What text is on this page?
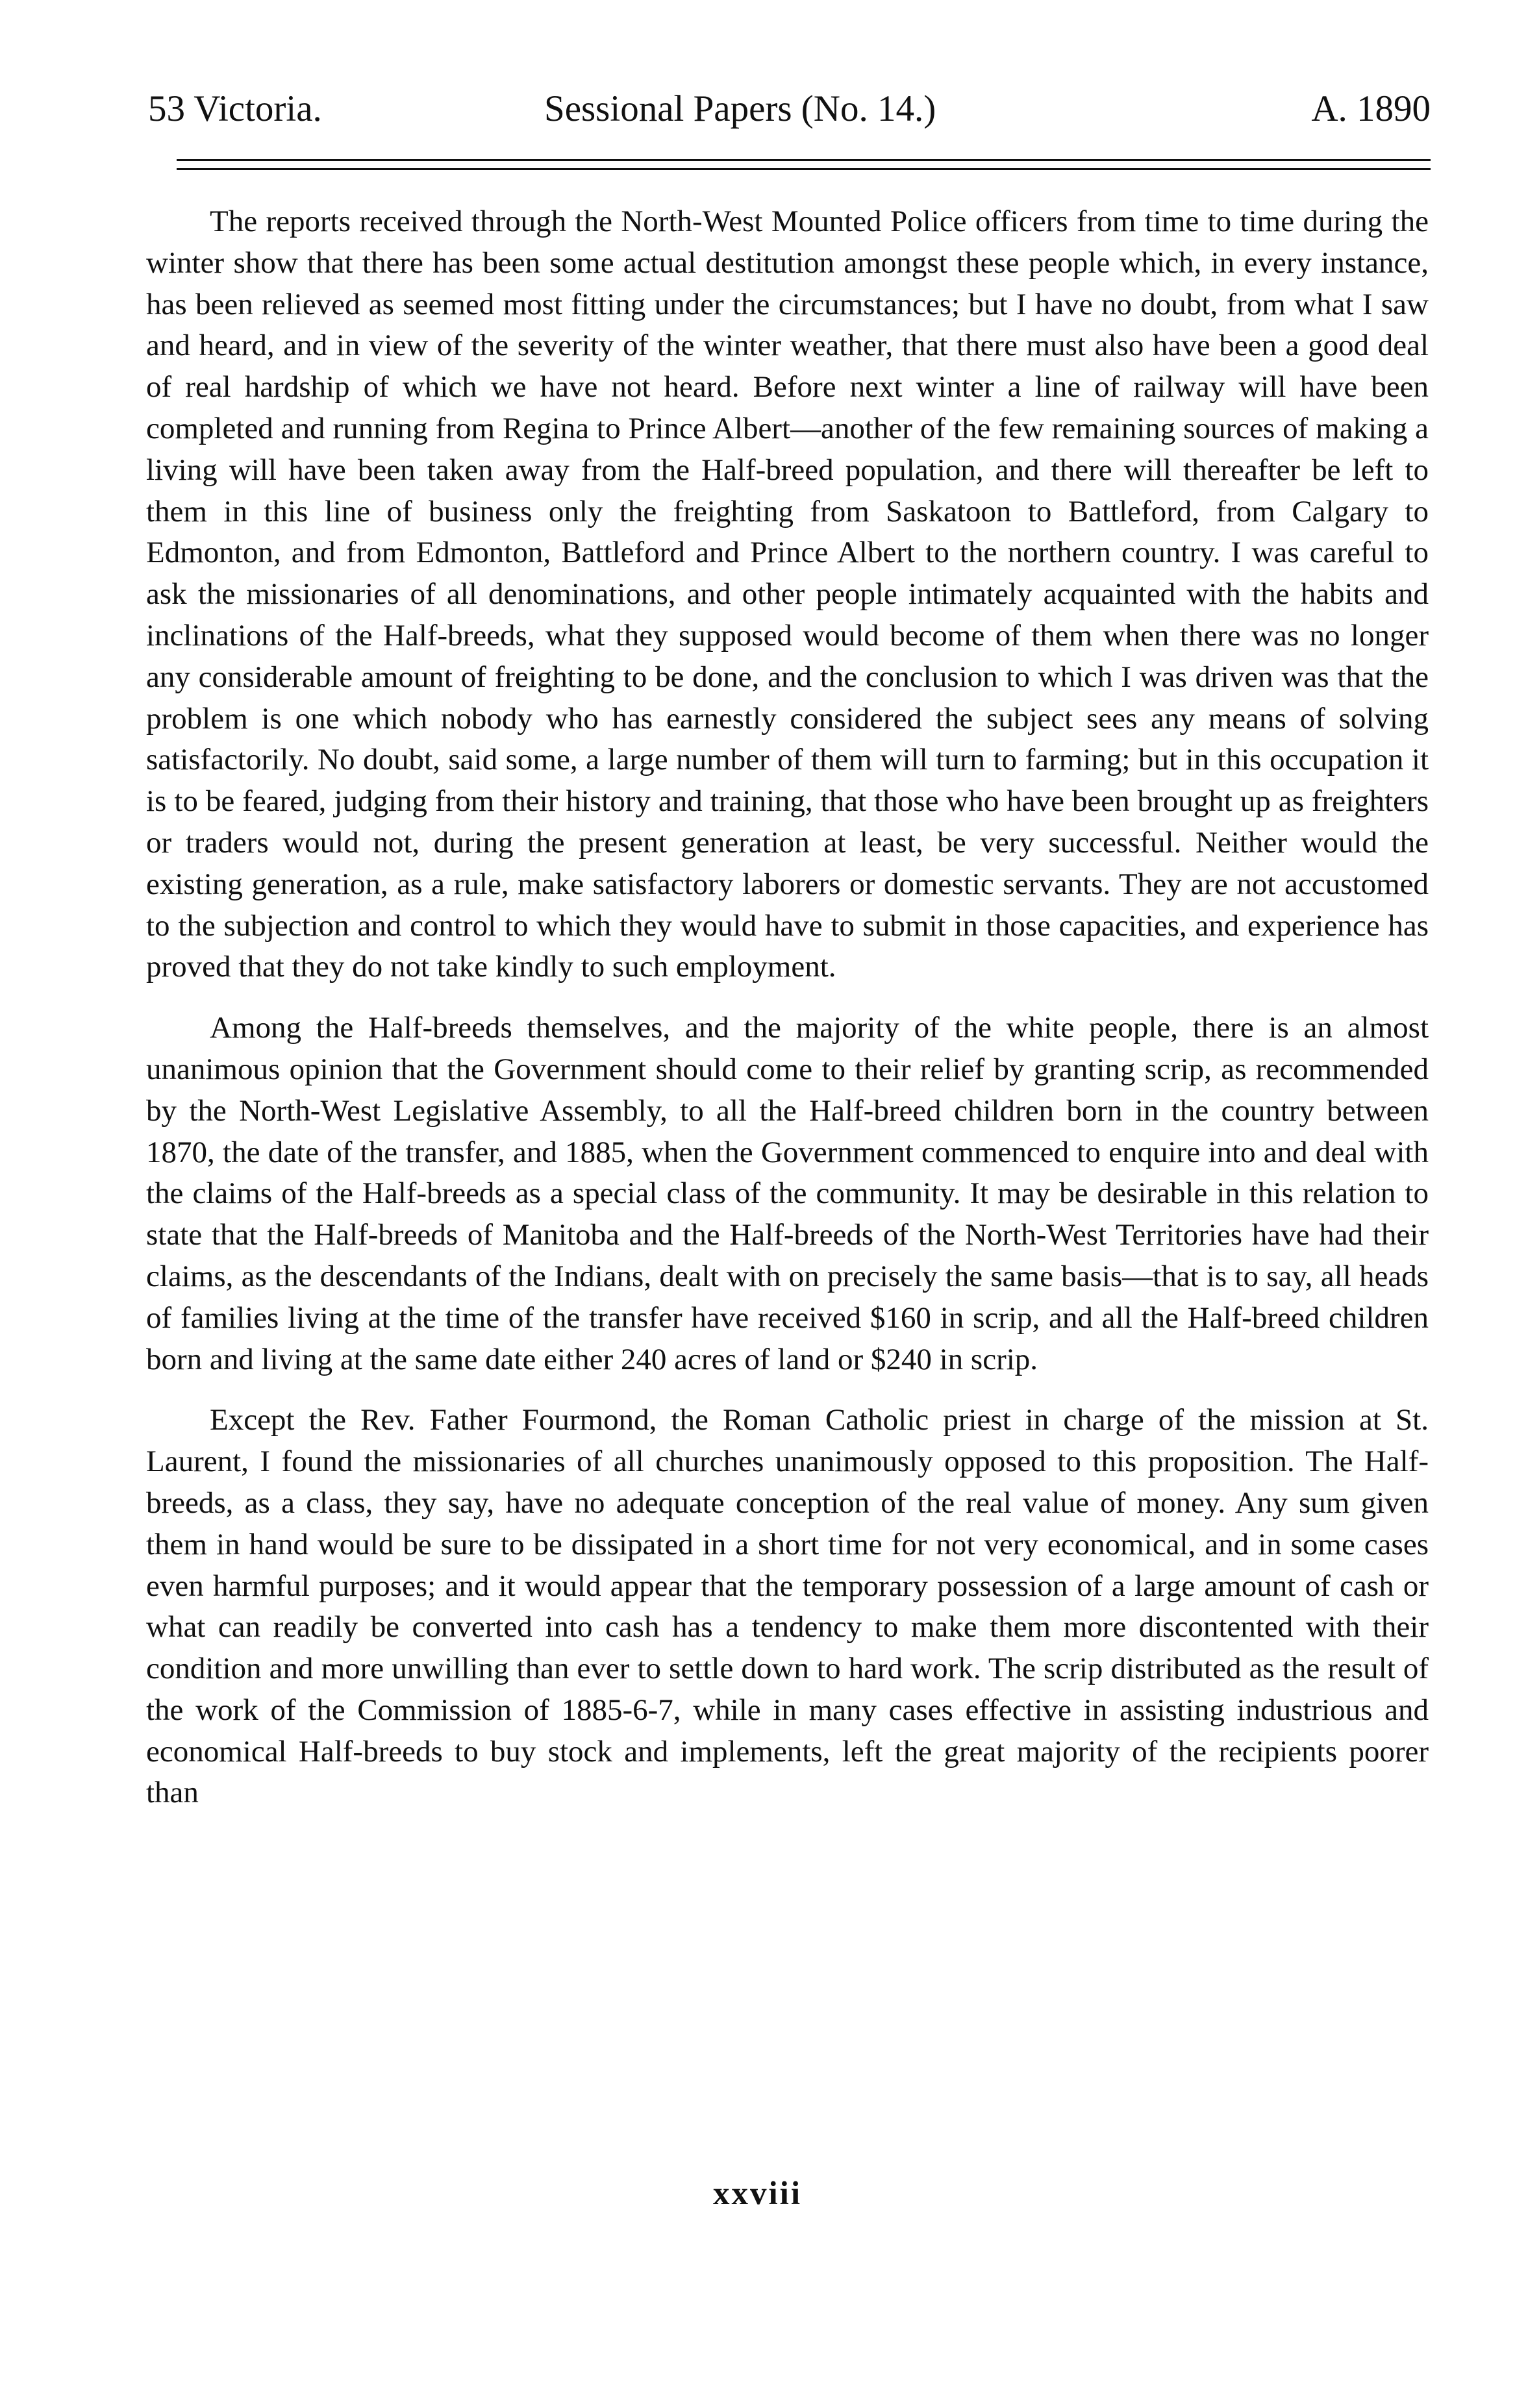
53 Victoria.	Sessional Papers (No. 14.)	A. 1890

The reports received through the North-West Mounted Police officers from time to time during the winter show that there has been some actual destitution amongst these people which, in every instance, has been relieved as seemed most fitting under the circumstances; but I have no doubt, from what I saw and heard, and in view of the severity of the winter weather, that there must also have been a good deal of real hardship of which we have not heard. Before next winter a line of railway will have been completed and running from Regina to Prince Albert—another of the few remaining sources of making a living will have been taken away from the Half-breed population, and there will thereafter be left to them in this line of business only the freighting from Saskatoon to Battleford, from Calgary to Edmonton, and from Edmonton, Battleford and Prince Albert to the northern country. I was careful to ask the missionaries of all denominations, and other people intimately acquainted with the habits and inclinations of the Half-breeds, what they supposed would become of them when there was no longer any considerable amount of freighting to be done, and the conclusion to which I was driven was that the problem is one which nobody who has earnestly considered the subject sees any means of solving satisfactorily. No doubt, said some, a large number of them will turn to farming; but in this occupation it is to be feared, judging from their history and training, that those who have been brought up as freighters or traders would not, during the present generation at least, be very successful. Neither would the existing generation, as a rule, make satisfactory laborers or domestic servants. They are not accustomed to the subjection and control to which they would have to submit in those capacities, and experience has proved that they do not take kindly to such employment.

Among the Half-breeds themselves, and the majority of the white people, there is an almost unanimous opinion that the Government should come to their relief by granting scrip, as recommended by the North-West Legislative Assembly, to all the Half-breed children born in the country between 1870, the date of the transfer, and 1885, when the Government commenced to enquire into and deal with the claims of the Half-breeds as a special class of the community. It may be desirable in this relation to state that the Half-breeds of Manitoba and the Half-breeds of the North-West Territories have had their claims, as the descendants of the Indians, dealt with on precisely the same basis—that is to say, all heads of families living at the time of the transfer have received $160 in scrip, and all the Half-breed children born and living at the same date either 240 acres of land or $240 in scrip.

Except the Rev. Father Fourmond, the Roman Catholic priest in charge of the mission at St. Laurent, I found the missionaries of all churches unanimously opposed to this proposition. The Half-breeds, as a class, they say, have no adequate conception of the real value of money. Any sum given them in hand would be sure to be dissipated in a short time for not very economical, and in some cases even harmful purposes; and it would appear that the temporary possession of a large amount of cash or what can readily be converted into cash has a tendency to make them more discontented with their condition and more unwilling than ever to settle down to hard work. The scrip distributed as the result of the work of the Commission of 1885-6-7, while in many cases effective in assisting industrious and economical Half-breeds to buy stock and implements, left the great majority of the recipients poorer than

xxviii
